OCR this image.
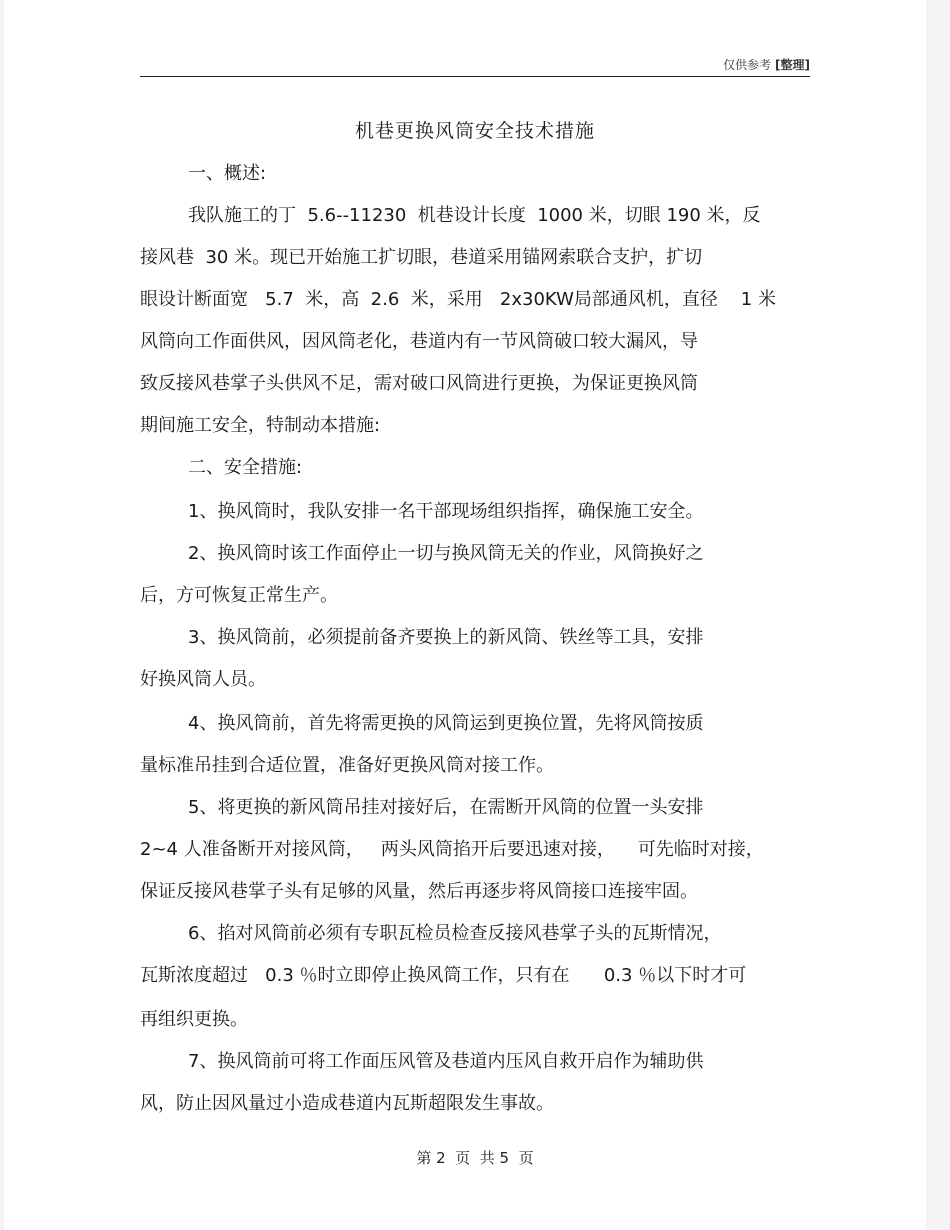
仅供参考 [整理]
机巷更换风筒安全技术措施
一、概述:
我队施工的丁  5.6--11230  机巷设计长度  1000 米，切眼 190 米，反
接风巷  30 米。现已开始施工扩切眼，巷道采用锚网索联合支护，扩切
眼设计断面宽   5.7  米，高  2.6  米，采用   2x30KW局部通风机，直径    1 米
风筒向工作面供风，因风筒老化，巷道内有一节风筒破口较大漏风，导
致反接风巷掌子头供风不足，需对破口风筒进行更换，为保证更换风筒
期间施工安全，特制动本措施:
二、安全措施:
1、换风筒时，我队安排一名干部现场组织指挥，确保施工安全。
2、换风筒时该工作面停止一切与换风筒无关的作业，风筒换好之
后，方可恢复正常生产。
3、换风筒前，必须提前备齐要换上的新风筒、铁丝等工具，安排
好换风筒人员。
4、换风筒前，首先将需更换的风筒运到更换位置，先将风筒按质
量标准吊挂到合适位置，准备好更换风筒对接工作。
5、将更换的新风筒吊挂对接好后，在需断开风筒的位置一头安排
2~4 人准备断开对接风筒，   两头风筒掐开后要迅速对接，    可先临时对接，
保证反接风巷掌子头有足够的风量，然后再逐步将风筒接口连接牢固。
6、掐对风筒前必须有专职瓦检员检查反接风巷掌子头的瓦斯情况，
瓦斯浓度超过   0.3 ％时立即停止换风筒工作，只有在      0.3 ％以下时才可
再组织更换。
7、换风筒前可将工作面压风管及巷道内压风自救开启作为辅助供
风，防止因风量过小造成巷道内瓦斯超限发生事故。
第 2  页  共 5  页
